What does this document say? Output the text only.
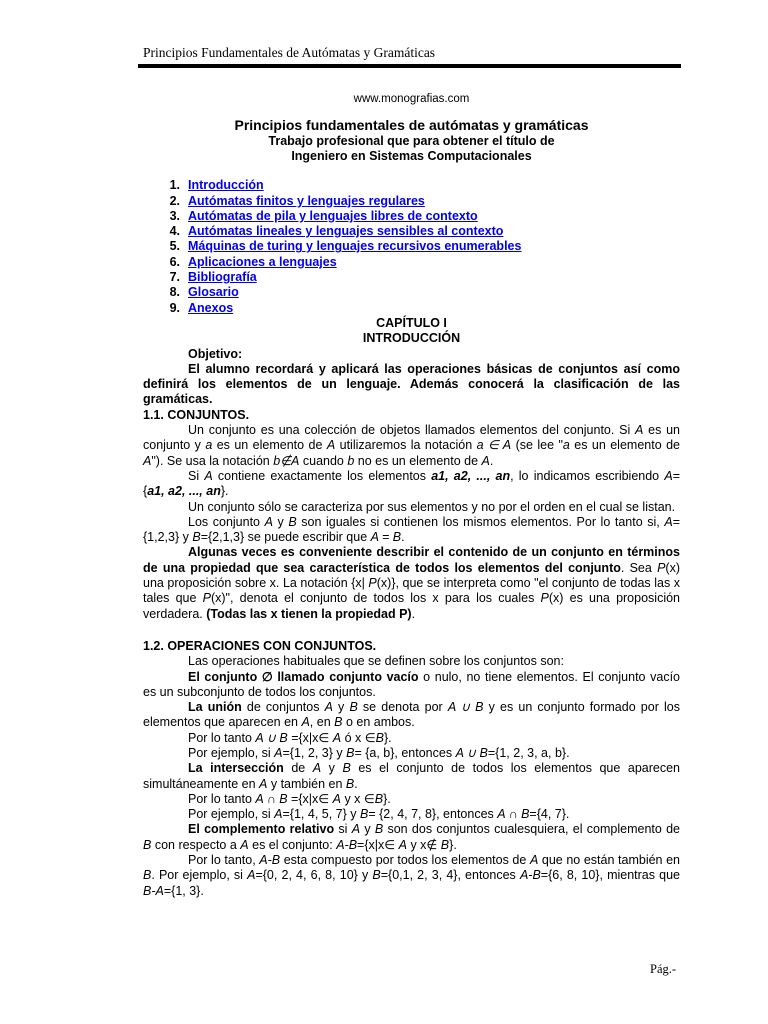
Principios Fundamentales de Autómatas y Gramáticas
www.monografias.com
Principios fundamentales de autómatas y gramáticas
Trabajo profesional que para obtener el título de
Ingeniero en Sistemas Computacionales
1. Introducción
2. Autómatas finitos y lenguajes regulares
3. Autómatas de pila y lenguajes libres de contexto
4. Autómatas lineales y lenguajes sensibles al contexto
5. Máquinas de turing y lenguajes recursivos enumerables
6. Aplicaciones a lenguajes
7. Bibliografía
8. Glosario
9. Anexos
CAPÍTULO I
INTRODUCCIÓN

Objetivo:

El alumno recordará y aplicará las operaciones básicas de conjuntos así como definirá los elementos de un lenguaje. Además conocerá la clasificación de las gramáticas.

1.1. CONJUNTOS.

Un conjunto es una colección de objetos llamados elementos del conjunto. Si A es un conjunto y a es un elemento de A utilizaremos la notación a ∈ A (se lee "a es un elemento de A"). Se usa la notación b∉A cuando b no es un elemento de A.

Si A contiene exactamente los elementos a1, a2, ..., an, lo indicamos escribiendo A= {a1, a2, ..., an}.

Un conjunto sólo se caracteriza por sus elementos y no por el orden en el cual se listan.

Los conjunto A y B son iguales si contienen los mismos elementos. Por lo tanto si, A={1,2,3} y B={2,1,3} se puede escribir que A = B.

Algunas veces es conveniente describir el contenido de un conjunto en términos de una propiedad que sea característica de todos los elementos del conjunto. Sea P(x) una proposición sobre x. La notación {x| P(x)}, que se interpreta como "el conjunto de todas las x tales que P(x)", denota el conjunto de todos los x para los cuales P(x) es una proposición verdadera. (Todas las x tienen la propiedad P).

1.2. OPERACIONES CON CONJUNTOS.

Las operaciones habituales que se definen sobre los conjuntos son:

El conjunto ∅ llamado conjunto vacío o nulo, no tiene elementos. El conjunto vacío es un subconjunto de todos los conjuntos.

La unión de conjuntos A y B se denota por A ∪ B y es un conjunto formado por los elementos que aparecen en A, en B o en ambos.

Por lo tanto A ∪ B ={x|x∈ A ó x ∈B}.

Por ejemplo, si A={1, 2, 3} y B= {a, b}, entonces A ∪ B={1, 2, 3, a, b}.

La intersección de A y B es el conjunto de todos los elementos que aparecen simultáneamente en A y también en B.

Por lo tanto A ∩ B ={x|x∈ A y x ∈B}.

Por ejemplo, si A={1, 4, 5, 7} y B= {2, 4, 7, 8}, entonces A ∩ B={4, 7}.

El complemento relativo si A y B son dos conjuntos cualesquiera, el complemento de B con respecto a A es el conjunto: A-B={x|x∈ A y x∉ B}.

Por lo tanto, A-B esta compuesto por todos los elementos de A que no están también en B. Por ejemplo, si A={0, 2, 4, 6, 8, 10} y B={0,1, 2, 3, 4}, entonces A-B={6, 8, 10}, mientras que B-A={1, 3}.

Pág.-
